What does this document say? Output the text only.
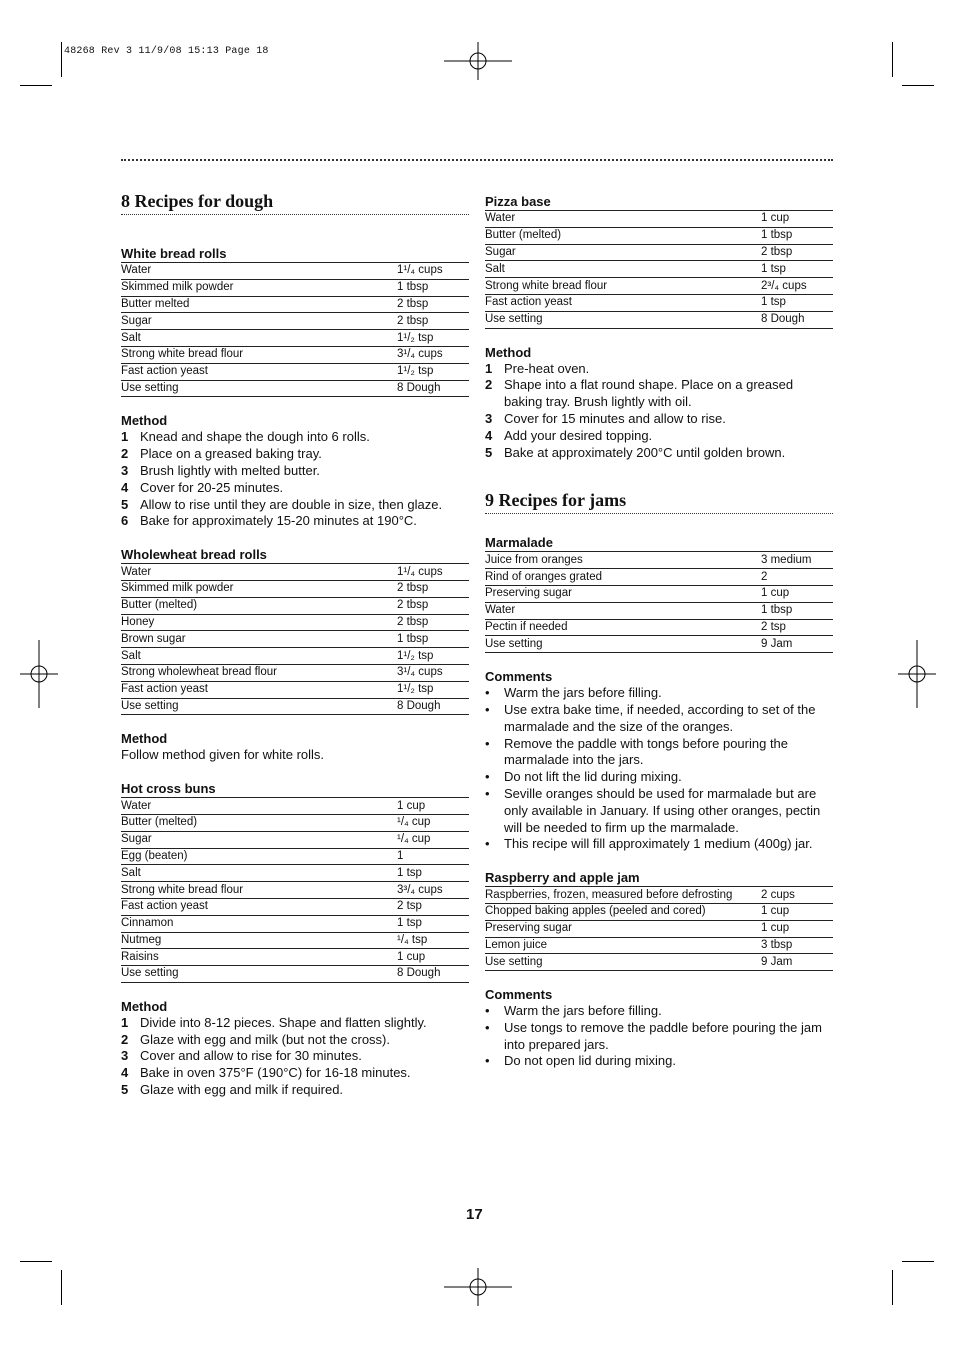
48268 Rev 3 11/9/08 15:13 Page 18
8 Recipes for dough
White bread rolls
Water	1¹/₄ cups
Skimmed milk powder	1 tbsp
Butter melted	2 tbsp
Sugar	2 tbsp
Salt	1¹/₂ tsp
Strong white bread flour	3¹/₄ cups
Fast action yeast	1¹/₂ tsp
Use setting	8 Dough
Method
1 Knead and shape the dough into 6 rolls.
2 Place on a greased baking tray.
3 Brush lightly with melted butter.
4 Cover for 20-25 minutes.
5 Allow to rise until they are double in size, then glaze.
6 Bake for approximately 15-20 minutes at 190°C.
Wholewheat bread rolls
Water	1¹/₄ cups
Skimmed milk powder	2 tbsp
Butter (melted)	2 tbsp
Honey	2 tbsp
Brown sugar	1 tbsp
Salt	1¹/₂ tsp
Strong wholewheat bread flour	3¹/₄ cups
Fast action yeast	1¹/₂ tsp
Use setting	8 Dough
Method

Follow method given for white rolls.

Hot cross buns
Water	1 cup
Butter (melted)	¹/₄ cup
Sugar	¹/₄ cup
Egg (beaten)	1
Salt	1 tsp
Strong white bread flour	3³/₄ cups
Fast action yeast	2 tsp
Cinnamon	1 tsp
Nutmeg	¹/₄ tsp
Raisins	1 cup
Use setting	8 Dough
Method
1 Divide into 8-12 pieces. Shape and flatten slightly.
2 Glaze with egg and milk (but not the cross).
3 Cover and allow to rise for 30 minutes.
4 Bake in oven 375°F (190°C) for 16-18 minutes.
5 Glaze with egg and milk if required.
Pizza base
Water	1 cup
Butter (melted)	1 tbsp
Sugar	2 tbsp
Salt	1 tsp
Strong white bread flour	2³/₄ cups
Fast action yeast	1 tsp
Use setting	8 Dough
Method
1 Pre-heat oven.
2 Shape into a flat round shape. Place on a greased baking tray. Brush lightly with oil.
3 Cover for 15 minutes and allow to rise.
4 Add your desired topping.
5 Bake at approximately 200°C until golden brown.
9 Recipes for jams
Marmalade
Juice from oranges	3 medium
Rind of oranges grated	2
Preserving sugar	1 cup
Water	1 tbsp
Pectin if needed	2 tsp
Use setting	9 Jam
Comments
• Warm the jars before filling.
• Use extra bake time, if needed, according to set of the marmalade and the size of the oranges.
• Remove the paddle with tongs before pouring the marmalade into the jars.
• Do not lift the lid during mixing.
• Seville oranges should be used for marmalade but are only available in January. If using other oranges, pectin will be needed to firm up the marmalade.
• This recipe will fill approximately 1 medium (400g) jar.
Raspberry and apple jam
Raspberries, frozen, measured before defrosting	2 cups
Chopped baking apples (peeled and cored)	1 cup
Preserving sugar	1 cup
Lemon juice	3 tbsp
Use setting	9 Jam
Comments
• Warm the jars before filling.
• Use tongs to remove the paddle before pouring the jam into prepared jars.
• Do not open lid during mixing.
17
